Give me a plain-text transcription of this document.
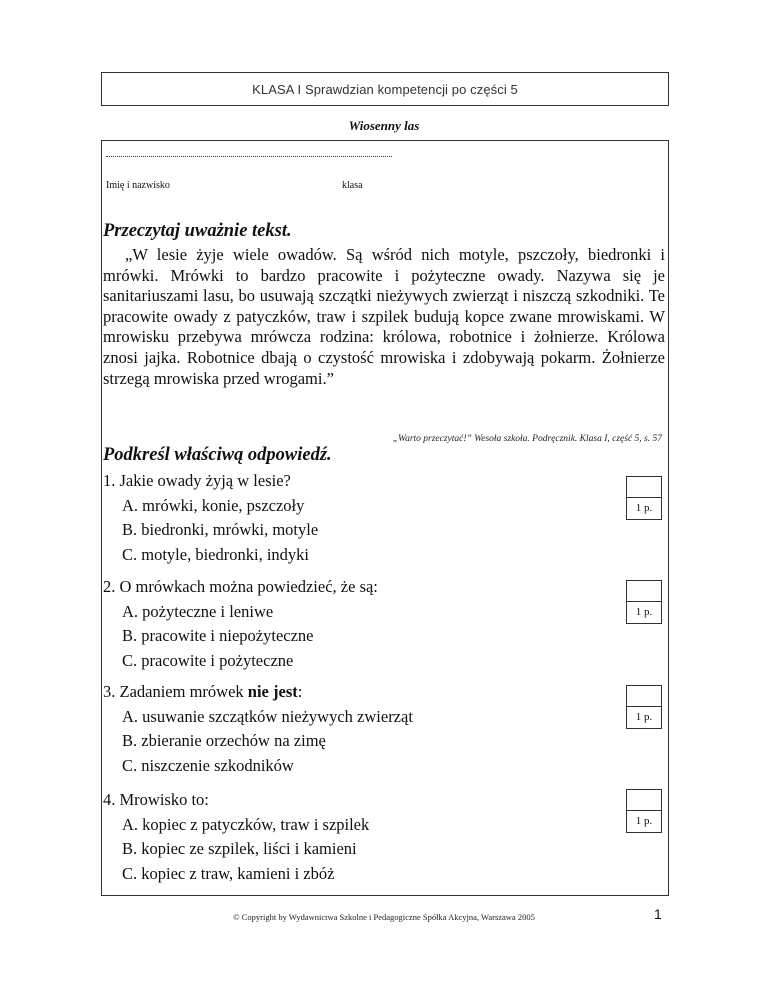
KLASA I Sprawdzian kompetencji po części 5
Wiosenny las
Imię i nazwisko	klasa
Przeczytaj uważnie tekst.
„W lesie żyje wiele owadów. Są wśród nich motyle, pszczoły, biedronki i mrówki. Mrówki to bardzo pracowite i pożyteczne owady. Nazywa się je sanitariuszami lasu, bo usuwają szczątki nieżywych zwierząt i niszczą szkodniki. Te pracowite owady z patyczków, traw i szpilek budują kopce zwane mrowiskami. W mrowisku przebywa mrówcza rodzina: królowa, robotnice i żołnierze. Królowa znosi jajka. Robotnice dbają o czystość mrowiska i zdobywają pokarm. Żołnierze strzegą mrowiska przed wrogami.”
„Warto przeczytać!” Wesoła szkoła. Podręcznik. Klasa I, część 5, s. 57
Podkreśl właściwą odpowiedź.
1. Jakie owady żyją w lesie?
A. mrówki, konie, pszczoły
B. biedronki, mrówki, motyle
C. motyle, biedronki, indyki
1 p.
2. O mrówkach można powiedzieć, że są:
A. pożyteczne i leniwe
B. pracowite i niepożyteczne
C. pracowite i pożyteczne
1 p.
3. Zadaniem mrówek nie jest:
A. usuwanie szczątków nieżywych zwierząt
B. zbieranie orzechów na zimę
C. niszczenie szkodników
1 p.
4. Mrowisko to:
A. kopiec z patyczków, traw i szpilek
B. kopiec ze szpilek, liści i kamieni
C. kopiec z traw, kamieni i zbóż
1 p.
© Copyright by Wydawnictwa Szkolne i Pedagogiczne Spółka Akcyjna, Warszawa 2005	1
